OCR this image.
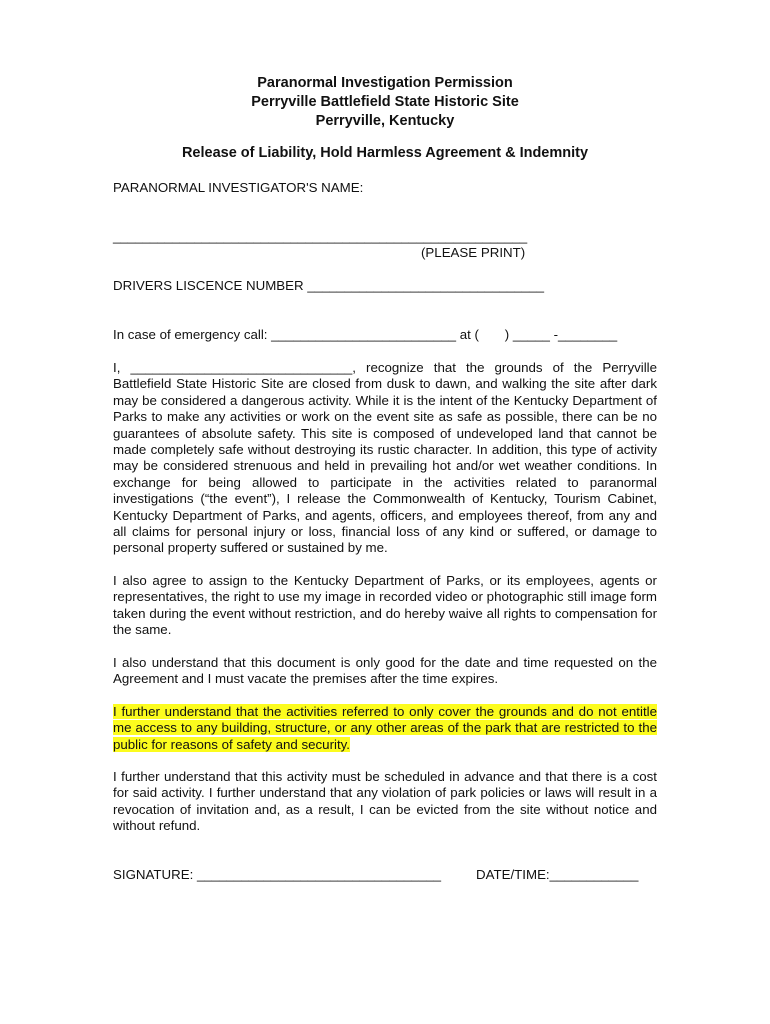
Paranormal Investigation Permission
Perryville Battlefield State Historic Site
Perryville, Kentucky
Release of Liability, Hold Harmless Agreement & Indemnity
PARANORMAL INVESTIGATOR'S NAME:
________________________________________________________
(PLEASE PRINT)
DRIVERS LISCENCE NUMBER ________________________________
In case of emergency call: _________________________ at (       ) _____ -________
I, ______________________________, recognize that the grounds of the Perryville Battlefield State Historic Site are closed from dusk to dawn, and walking the site after dark may be considered a dangerous activity. While it is the intent of the Kentucky Department of Parks to make any activities or work on the event site as safe as possible, there can be no guarantees of absolute safety. This site is composed of undeveloped land that cannot be made completely safe without destroying its rustic character. In addition, this type of activity may be considered strenuous and held in prevailing hot and/or wet weather conditions. In exchange for being allowed to participate in the activities related to paranormal investigations (“the event”), I release the Commonwealth of Kentucky, Tourism Cabinet, Kentucky Department of Parks, and agents, officers, and employees thereof, from any and all claims for personal injury or loss, financial loss of any kind or suffered, or damage to personal property suffered or sustained by me.
I also agree to assign to the Kentucky Department of Parks, or its employees, agents or representatives, the right to use my image in recorded video or photographic still image form taken during the event without restriction, and do hereby waive all rights to compensation for the same.
I also understand that this document is only good for the date and time requested on the Agreement and I must vacate the premises after the time expires.
I further understand that the activities referred to only cover the grounds and do not entitle me access to any building, structure, or any other areas of the park that are restricted to the public for reasons of safety and security.
I further understand that this activity must be scheduled in advance and that there is a cost for said activity. I further understand that any violation of park policies or laws will result in a revocation of invitation and, as a result, I can be evicted from the site without notice and without refund.
SIGNATURE: _________________________________	DATE/TIME:____________
